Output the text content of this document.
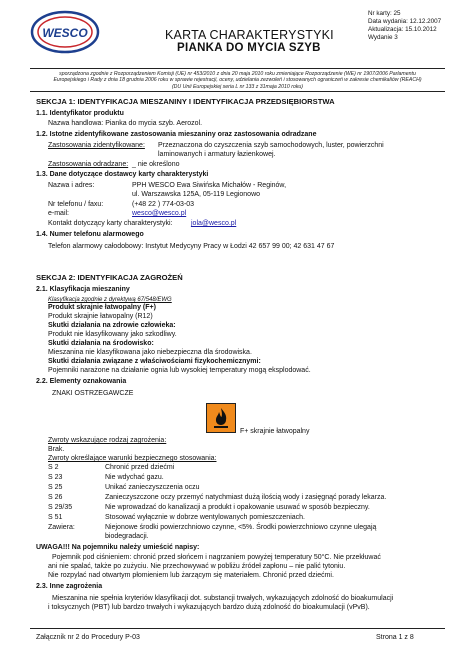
WESCO	KARTA CHARAKTERYSTYKI
PIANKA DO MYCIA SZYB
Nr karty: 25
Data wydania: 12.12.2007
Aktualizacja: 15.10.2012
Wydanie 3
sporządzona zgodnie z Rozporządzeniem Komisji (UE) nr 453/2010 z dnia 20 maja 2010 roku zmieniające Rozporządzenie (WE) nr 1907/2006 Parlamentu
Europejskiego i Rady z dnia 18 grudnia 2006 roku w sprawie rejestracji, oceny, udzielania zezwoleń i stosowanych ograniczeń w zakresie chemikaliów (REACH)
(DU Unii Europejskiej seria L nr 133 z 31maja 2010 roku)
SEKCJA 1: IDENTYFIKACJA MIESZANINY I IDENTYFIKACJA PRZEDSIĘBIORSTWA
1.1. Identyfikator produktu
Nazwa handlowa: Pianka do mycia szyb. Aerozol.
1.2. Istotne zidentyfikowane zastosowania mieszaniny oraz zastosowania odradzane
Zastosowania zidentyfikowane: Przeznaczona do czyszczenia szyb samochodowych, luster, powierzchni
laminowanych i armatury łazienkowej.
Zastosowania odradzane: _ nie określono
1.3. Dane dotyczące dostawcy karty charakterystyki
Nazwa i adres:	PPH WESCO Ewa Siwińska Michałów - Reginów,
ul. Warszawska 125A, 05-119 Legionowo
Nr telefonu / faxu:	(+48 22 ) 774-03-03
e-mail:	wesco@wesco.pl
Kontakt dotyczący karty charakterystyki:	jola@wesco.pl
1.4. Numer telefonu alarmowego
Telefon alarmowy całodobowy: Instytut Medycyny Pracy w Łodzi 42 657 99 00; 42 631 47 67
SEKCJA 2: IDENTYFIKACJA ZAGROŻEŃ
2.1. Klasyfikacja mieszaniny
Klasyfikacja zgodnie z dyrektywą 67/548/EWG
Produkt skrajnie łatwopalny (F+)
Produkt skrajnie łatwopalny (R12)
Skutki działania na zdrowie człowieka:
Produkt nie klasyfikowany jako szkodliwy.
Skutki działania na środowisko:
Mieszanina nie klasyfikowana jako niebezpieczna dla środowiska.
Skutki działania związane z właściwościami fizykochemicznymi:
Pojemniki narażone na działanie ognia lub wysokiej temperatury mogą eksplodować.
2.2. Elementy oznakowania
ZNAKI OSTRZEGAWCZE
F+ skrajnie łatwopalny
Zwroty wskazujące rodzaj zagrożenia:
Brak.
Zwroty określające warunki bezpiecznego stosowania:
S 2	Chronić przed dziećmi
S 23	Nie wdychać gazu.
S 25	Unikać zanieczyszczenia oczu
S 26	Zanieczyszczone oczy przemyć natychmiast dużą ilością wody i zasięgnąć porady lekarza.
S 29/35	Nie wprowadzać do kanalizacji a produkt i opakowanie usuwać w sposób bezpieczny.
S 51	Stosować wyłącznie w dobrze wentylowanych pomieszczeniach.
Zawiera:	Niejonowe środki powierzchniowo czynne, <5%. Środki powierzchniowo czynne ulegają
biodegradacji.
UWAGA!!! Na pojemniku należy umieścić napisy:
Pojemnik pod ciśnieniem: chronić przed słońcem i nagrzaniem powyżej temperatury 50°C. Nie przekłuwać
ani nie spalać, także po zużyciu. Nie przechowywać w pobliżu źródeł zapłonu – nie palić tytoniu.
Nie rozpylać nad otwartym płomieniem lub żarzącym się materiałem. Chronić przed dziećmi.
2.3. Inne zagrożenia
Mieszanina nie spełnia kryteriów klasyfikacji dot. substancji trwałych, wykazujących zdolność do bioakumulacji
i toksycznych (PBT) lub bardzo trwałych i wykazujących bardzo dużą zdolność do bioakumulacji (vPvB).
Załącznik nr 2 do Procedury P-03	Strona 1 z 8
